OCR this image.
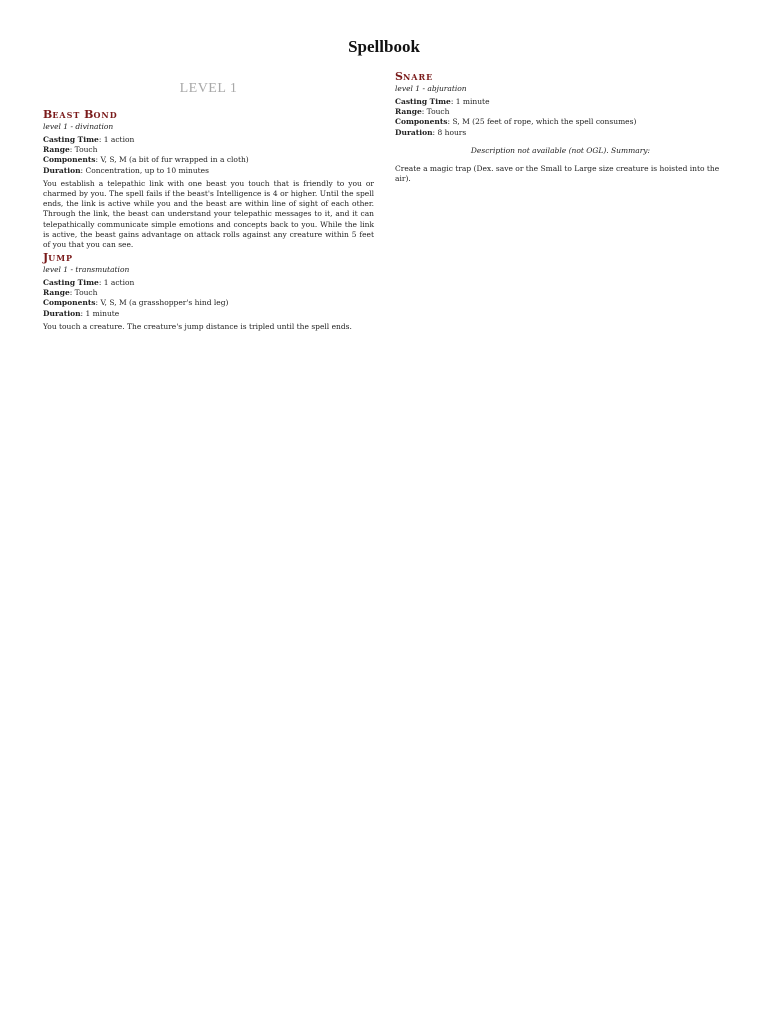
Spellbook
LEVEL 1
BEAST BOND

level 1 - divination

Casting Time: 1 action

Range: Touch

Components: V, S, M (a bit of fur wrapped in a cloth)

Duration: Concentration, up to 10 minutes

You establish a telepathic link with one beast you touch that is friendly to you or charmed by you. The spell fails if the beast's Intelligence is 4 or higher. Until the spell ends, the link is active while you and the beast are within line of sight of each other. Through the link, the beast can understand your telepathic messages to it, and it can telepathically communicate simple emotions and concepts back to you. While the link is active, the beast gains advantage on attack rolls against any creature within 5 feet of you that you can see.

JUMP

level 1 - transmutation

Casting Time: 1 action

Range: Touch

Components: V, S, M (a grasshopper's hind leg)

Duration: 1 minute

You touch a creature. The creature's jump distance is tripled until the spell ends.

SNARE

level 1 - abjuration

Casting Time: 1 minute

Range: Touch

Components: S, M (25 feet of rope, which the spell consumes)

Duration: 8 hours

Description not available (not OGL). Summary:

Create a magic trap (Dex. save or the Small to Large size creature is hoisted into the air).
